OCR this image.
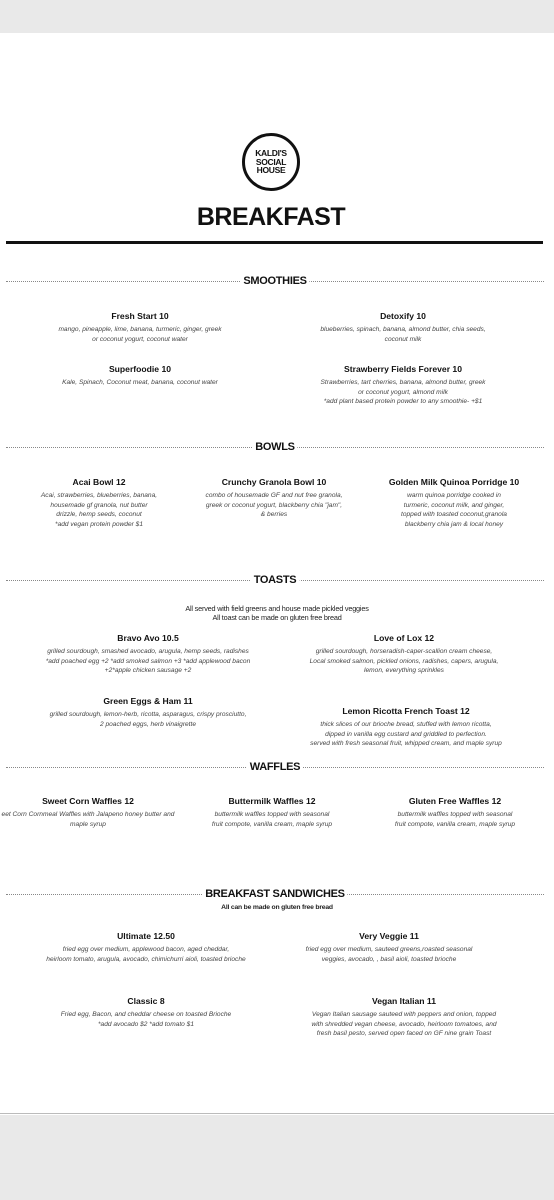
KALDI'S
SOCIAL
HOUSE
BREAKFAST
SMOOTHIES
Fresh Start 10
mango, pineapple, lime, banana, turmeric, ginger, greek
or coconut yogurt, coconut water
Detoxify 10
blueberries, spinach, banana, almond butter, chia seeds,
coconut milk
Superfoodie 10
Kale, Spinach, Coconut meat, banana, coconut water
Strawberry Fields Forever 10
Strawberries, tart cherries, banana, almond butter, greek
or coconut yogurt, almond milk
*add plant based protein powder to any smoothie- +$1
BOWLS
Acai Bowl 12
Acai, strawberries, blueberries, banana,
housemade gf granola, nut butter
drizzle, hemp seeds, coconut
*add vegan protein powder $1
Crunchy Granola Bowl 10
combo of housemade GF and nut free granola,
greek or coconut yogurt, blackberry chia "jam",
& berries
Golden Milk Quinoa Porridge 10
warm quinoa porridge cooked in
turmeric, coconut milk, and ginger,
topped with toasted coconut,granola
blackberry chia jam & local honey
TOASTS
All served with field greens and house made pickled veggies
All toast can be made on gluten free bread
Bravo Avo 10.5
grilled sourdough, smashed avocado, arugula, hemp seeds, radishes
*add poached egg +2 *add smoked salmon +3 *add applewood bacon
+2*apple chicken sausage +2
Love of Lox 12
grilled sourdough, horseradish-caper-scallion cream cheese,
Local smoked salmon, pickled onions, radishes, capers, arugula,
lemon, everything sprinkles
Green Eggs & Ham 11
grilled sourdough, lemon-herb, ricotta, asparagus, crispy prosciutto,
2 poached eggs, herb vinaigrette
Lemon Ricotta French Toast 12
thick slices of our brioche bread, stuffed with lemon ricotta,
dipped in vanilla egg custard and griddled to perfection.
served with fresh seasonal fruit, whipped cream, and maple syrup
WAFFLES
Sweet Corn Waffles 12
eet Corn Cornmeal Waffles with Jalapeno honey butter and
maple syrup
Buttermilk Waffles 12
buttermilk waffles topped with seasonal
fruit compote, vanilla cream, maple syrup
Gluten Free Waffles 12
buttermilk waffles topped with seasonal
fruit compote, vanilla cream, maple syrup
BREAKFAST SANDWICHES
All can be made on gluten free bread
Ultimate 12.50
fried egg over medium, applewood bacon, aged cheddar,
heirloom tomato, arugula, avocado, chimichurri aioli, toasted brioche
Very Veggie 11
fried egg over medium, sauteed greens,roasted seasonal
veggies, avocado, , basil aioli, toasted brioche
Classic 8
Fried egg, Bacon, and cheddar cheese on toasted Brioche
*add avocado $2 *add tomato $1
Vegan Italian 11
Vegan Italian sausage sauteed with peppers and onion, topped
with shredded vegan cheese, avocado, heirloom tomatoes, and
fresh basil pesto, served open faced on GF nine grain Toast
